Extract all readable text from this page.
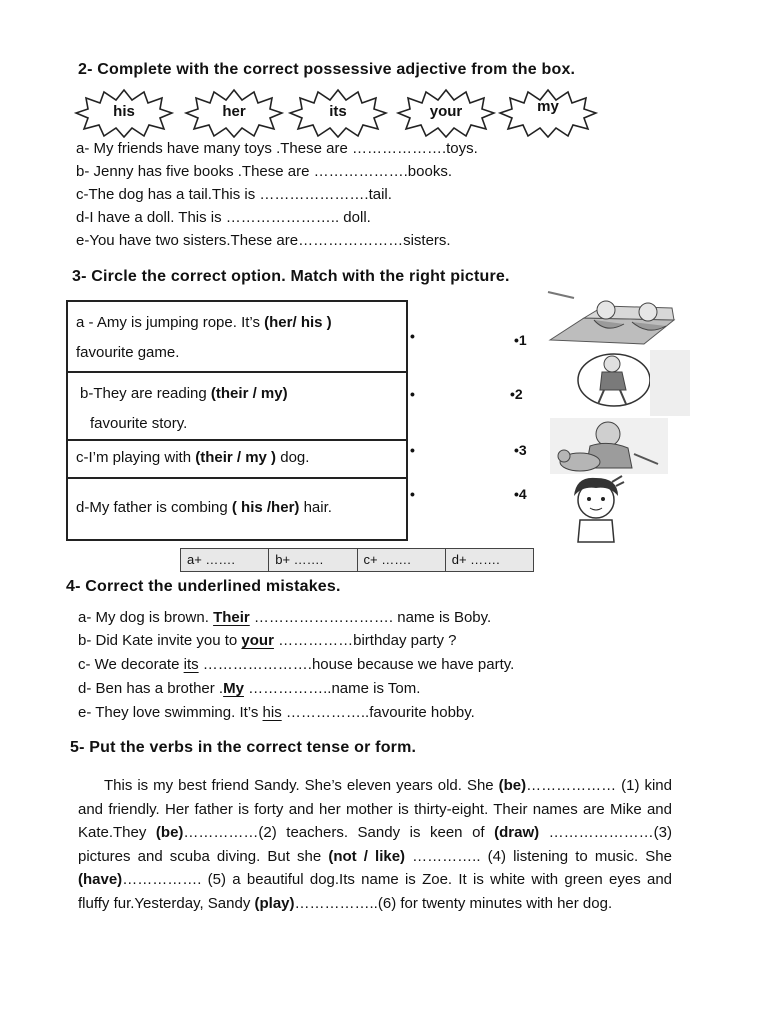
2- Complete with the correct possessive adjective from the box.
his	her	its	your	my
a- My friends have many toys .These are ……………….toys.
b- Jenny has five books .These are ……………….books.
c-The dog has a tail.This is ………………….tail.
d-I have a doll. This is ………………….. doll.
e-You have two sisters.These are…………………sisters.
3- Circle the correct option. Match with the right picture.
a - Amy is jumping rope. It’s (her/ his )
favourite game.
b-They are reading (their / my)
favourite story.
c-I’m playing with (their / my ) dog.
d-My father is combing ( his /her) hair.
•
•
•
•
•1
•2
•3
•4
a+ …….	b+ …….	c+ …….	d+ …….
4- Correct the underlined mistakes.
a- My dog is brown. Their ………………………. name is Boby.
b- Did Kate invite you to your ……………birthday party ?
c- We decorate its ………………….house because we have party.
d- Ben has a brother .My ……………..name is Tom.
e- They love swimming. It’s his ……………..favourite hobby.
5- Put the verbs in the correct tense or form.
This is my best friend Sandy. She’s eleven years old. She (be)……………… (1) kind and friendly. Her father is forty and her mother is thirty-eight. Their names are Mike and Kate.They (be)……………(2) teachers. Sandy is keen of (draw) …………………(3) pictures and scuba diving. But she (not / like) ………….. (4) listening to music. She (have)……………. (5) a beautiful dog.Its name is Zoe. It is white with green eyes and fluffy fur.Yesterday, Sandy (play)……………..(6) for twenty minutes with her dog.
